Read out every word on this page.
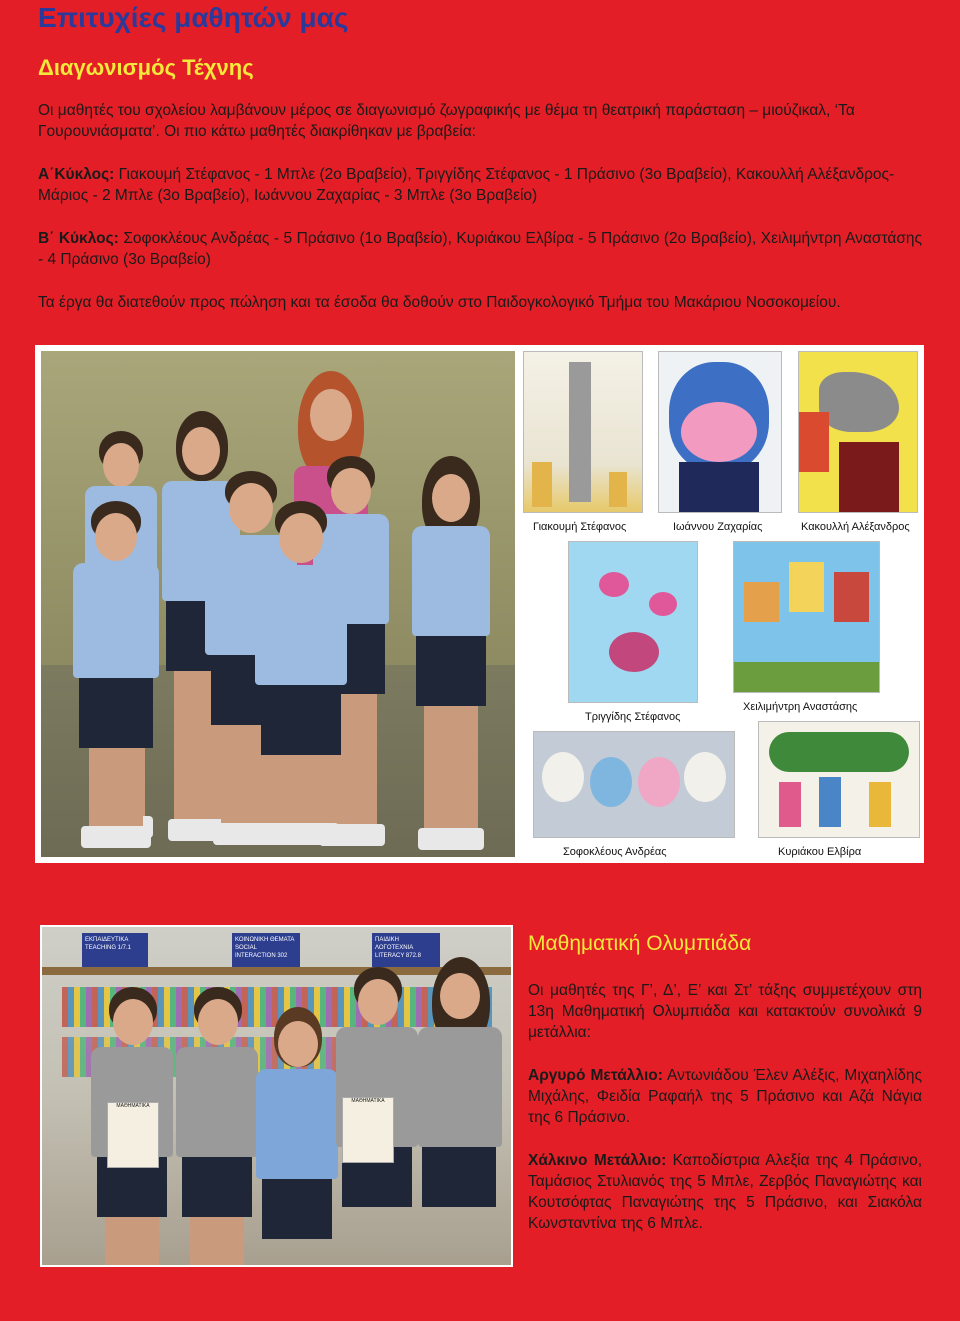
Επιτυχίες μαθητών μας
Διαγωνισμός Τέχνης

Οι μαθητές του σχολείου λαμβάνουν μέρος σε διαγωνισμό ζωγραφικής με θέμα τη θεατρική παράσταση – μιούζικαλ, ‘Τα Γουρουνιάσματα’. Οι πιο κάτω μαθητές διακρίθηκαν με βραβεία:

Α΄Κύκλος: Γιακουμή Στέφανος - 1 Μπλε (2ο Βραβείο), Τριγγίδης Στέφανος - 1 Πράσινο (3ο Βραβείο), Κακουλλή Αλέξανδρος-Μάριος - 2 Μπλε (3ο Βραβείο), Ιωάννου Ζαχαρίας - 3 Μπλε (3ο Βραβείο)

Β΄ Κύκλος: Σοφοκλέους Ανδρέας - 5 Πράσινο (1ο Βραβείο), Κυριάκου Ελβίρα - 5 Πράσινο (2ο Βραβείο), Χειλιμήντρη Αναστάσης - 4 Πράσινο (3ο Βραβείο)

Τα έργα θα διατεθούν προς πώληση και τα έσοδα θα δοθούν στο Παιδογκολογικό Τμήμα του Μακάριου Νοσοκομείου.

Γιακουμή Στέφανος	Ιωάννου Ζαχαρίας	Κακουλλή Αλέξανδρος
Τριγγίδης Στέφανος
Χειλιμήντρη Αναστάσης
Σοφοκλέους Ανδρέας	Κυριάκου Ελβίρα
ΕΚΠΑΙΔΕΥΤΙΚΑ TEACHING 1/7.1
ΚΟΙΝΩΝΙΚΗ ΘΕΜΑΤΑ SOCIAL INTERACTION 302
ΠΑΙΔΙΚΗ ΛΟΓΟΤΕΧΝΙΑ LITERACY 872.8
ΜΑΘΗΜΑΤΙΚΑ
ΜΑΘΗΜΑΤΙΚΑ
Μαθηματική Ολυμπιάδα

Οι μαθητές της Γ’, Δ’, Ε’ και Στ’ τάξης συμμετέχουν στη 13η Μαθηματική Ολυμπιάδα και κατακτούν συνολικά 9 μετάλλια:

Αργυρό Μετάλλιο: Αντωνιάδου Έλεν Αλέξις, Μιχαηλίδης Μιχάλης, Φειδία Ραφαήλ της 5 Πράσινο και Αζά Νάγια της 6 Πράσινο.

Χάλκινο Μετάλλιο: Καποδίστρια Αλεξία της 4 Πράσινο, Ταμάσιος Στυλιανός της 5 Μπλε, Ζερβός Παναγιώτης και Κουτσόφτας Παναγιώτης της 5 Πράσινο, και Σιακόλα Κωνσταντίνα της 6 Μπλε.
